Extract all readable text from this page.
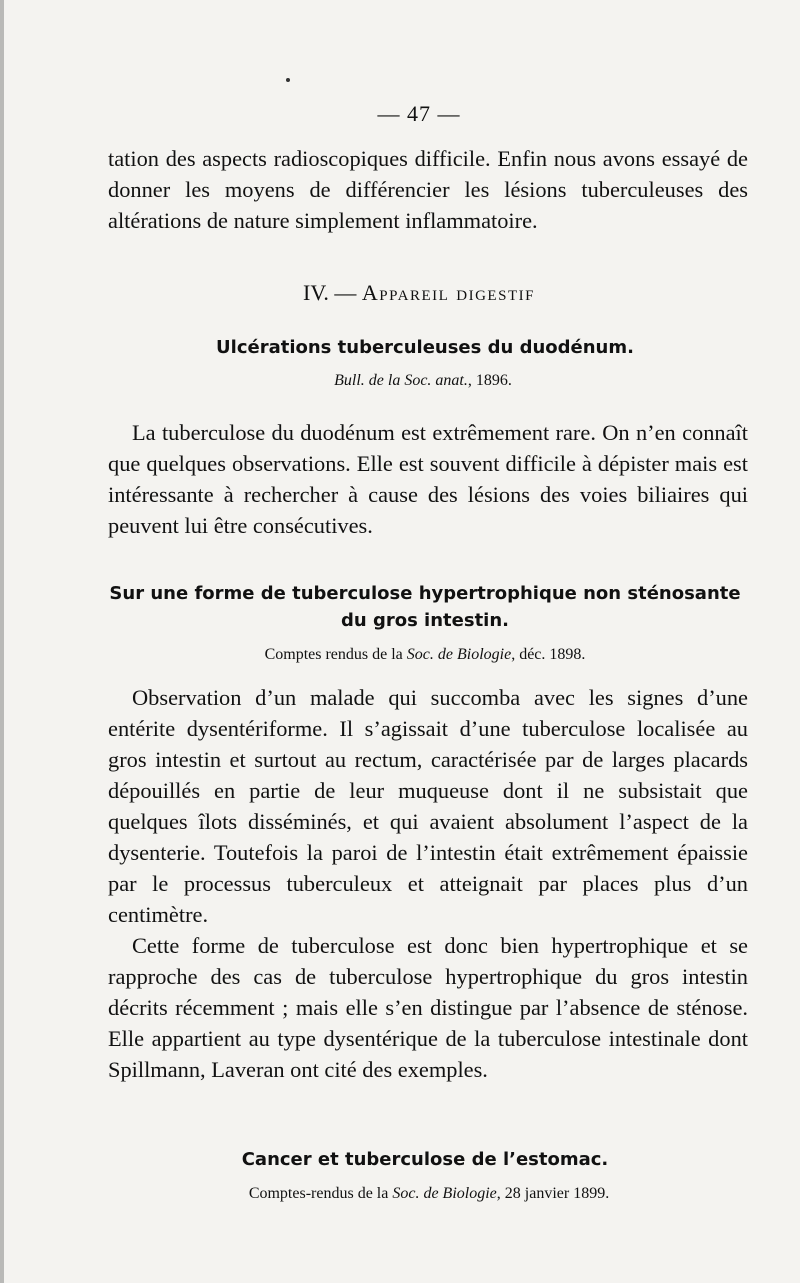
— 47 —

tation des aspects radioscopiques difficile. Enfin nous avons essayé de donner les moyens de différencier les lésions tuberculeuses des altérations de nature simplement inflammatoire.

IV. — Appareil digestif
Ulcérations tuberculeuses du duodénum.
Bull. de la Soc. anat., 1896.

La tuberculose du duodénum est extrêmement rare. On n’en connaît que quelques observations. Elle est souvent difficile à dépister mais est intéressante à rechercher à cause des lésions des voies biliaires qui peuvent lui être consécutives.

Sur une forme de tuberculose hypertrophique non sténosante
du gros intestin.
Comptes rendus de la Soc. de Biologie, déc. 1898.

Observation d’un malade qui succomba avec les signes d’une entérite dysentériforme. Il s’agissait d’une tuberculose localisée au gros intestin et surtout au rectum, caractérisée par de larges placards dépouillés en partie de leur muqueuse dont il ne subsistait que quelques îlots disséminés, et qui avaient absolument l’aspect de la dysenterie. Toutefois la paroi de l’intestin était extrêmement épaissie par le processus tuberculeux et atteignait par places plus d’un centimètre.

Cette forme de tuberculose est donc bien hypertrophique et se rapproche des cas de tuberculose hypertrophique du gros intestin décrits récemment ; mais elle s’en distingue par l’absence de sténose. Elle appartient au type dysentérique de la tuberculose intestinale dont Spillmann, Laveran ont cité des exemples.

Cancer et tuberculose de l’estomac.
Comptes-rendus de la Soc. de Biologie, 28 janvier 1899.
